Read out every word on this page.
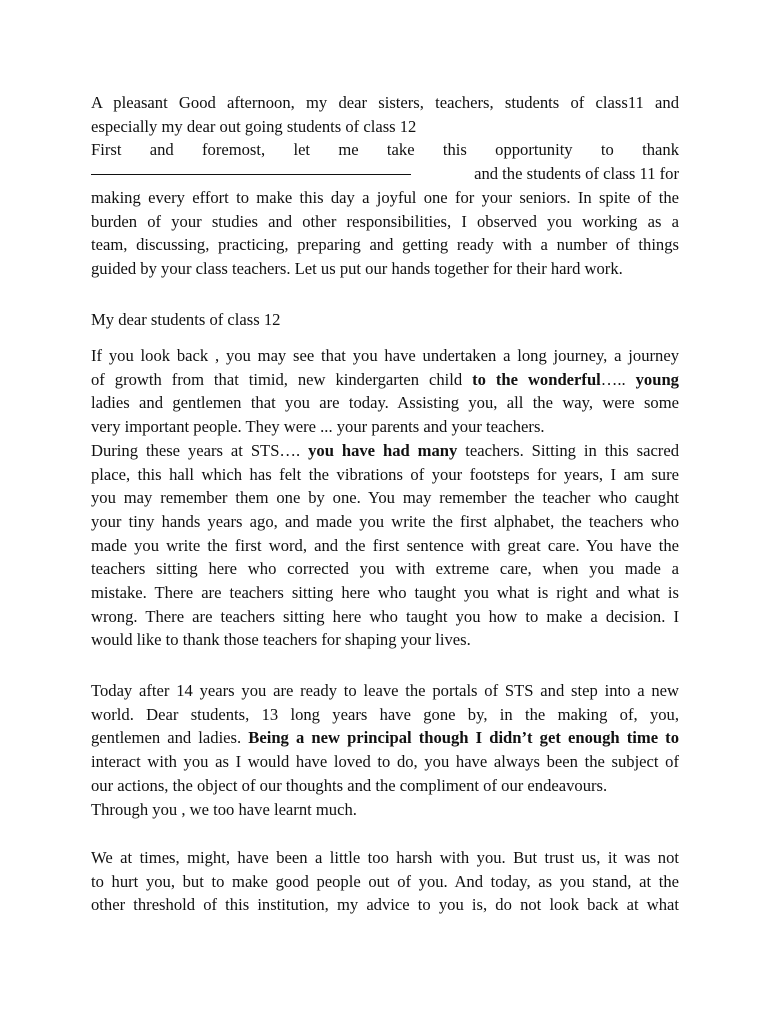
A pleasant Good afternoon, my dear sisters, teachers, students of class11 and
especially my dear out going students of class 12
First and foremost, let me take this opportunity to thank
and the students of class 11 for
making every effort to make this day a joyful one for your seniors. In spite of the
burden of your studies and other responsibilities, I observed you working as a
team, discussing, practicing, preparing and getting ready with a number of things
guided by your class teachers. Let us put our hands together for their hard work.
My dear students of class 12
If you look back , you may see that you have undertaken a long journey, a journey
of growth from that timid, new kindergarten child to the wonderful….. young
ladies and gentlemen that you are today. Assisting you, all the way, were some
very important people. They were ... your parents and your teachers.
During these years at STS…. you have had many teachers. Sitting in this sacred
place, this hall which has felt the vibrations of your footsteps for years, I am sure
you may remember them one by one. You may remember the teacher who caught
your tiny hands years ago, and made you write the first alphabet, the teachers who
made you write the first word, and the first sentence with great care. You have the
teachers sitting here who corrected you with extreme care, when you made a
mistake. There are teachers sitting here who taught you what is right and what is
wrong. There are teachers sitting here who taught you how to make a decision. I
would like to thank those teachers for shaping your lives.
Today after 14 years you are ready to leave the portals of STS and step into a new
world. Dear students, 13 long years have gone by, in the making of, you,
gentlemen and ladies. Being a new principal though I didn’t get enough time to
interact with you as I would have loved to do, you have always been the subject of
our actions, the object of our thoughts and the compliment of our endeavours.
Through you , we too have learnt much.
We at times, might, have been a little too harsh with you. But trust us, it was not
to hurt you, but to make good people out of you. And today, as you stand, at the
other threshold of this institution, my advice to you is, do not look back at what
